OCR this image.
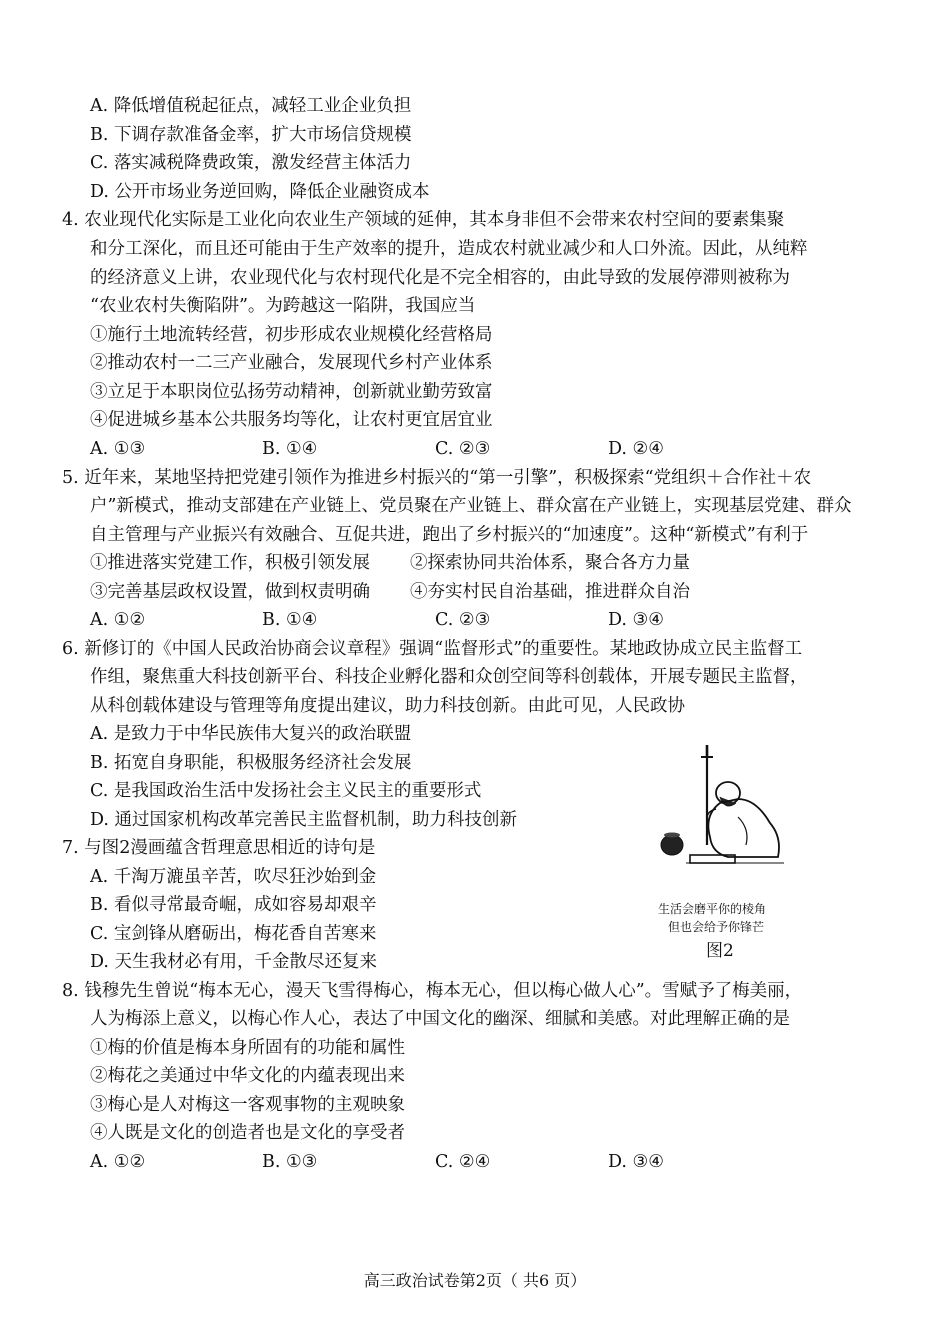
A. 降低增值税起征点，减轻工业企业负担
B. 下调存款准备金率，扩大市场信贷规模
C. 落实减税降费政策，激发经营主体活力
D. 公开市场业务逆回购，降低企业融资成本
4. 农业现代化实际是工业化向农业生产领域的延伸，其本身非但不会带来农村空间的要素集聚
和分工深化，而且还可能由于生产效率的提升，造成农村就业减少和人口外流。因此，从纯粹
的经济意义上讲，农业现代化与农村现代化是不完全相容的，由此导致的发展停滞则被称为
“农业农村失衡陷阱”。为跨越这一陷阱，我国应当
①施行土地流转经营，初步形成农业规模化经营格局
②推动农村一二三产业融合，发展现代乡村产业体系
③立足于本职岗位弘扬劳动精神，创新就业勤劳致富
④促进城乡基本公共服务均等化，让农村更宜居宜业
A. ①③	B. ①④	C. ②③	D. ②④
5. 近年来，某地坚持把党建引领作为推进乡村振兴的“第一引擎”，积极探索“党组织＋合作社＋农
户”新模式，推动支部建在产业链上、党员聚在产业链上、群众富在产业链上，实现基层党建、群众
自主管理与产业振兴有效融合、互促共进，跑出了乡村振兴的“加速度”。这种“新模式”有利于
①推进落实党建工作，积极引领发展 ②探索协同共治体系，聚合各方力量
③完善基层政权设置，做到权责明确 ④夯实村民自治基础，推进群众自治
A. ①②	B. ①④	C. ②③	D. ③④
6. 新修订的《中国人民政治协商会议章程》强调“监督形式”的重要性。某地政协成立民主监督工
作组，聚焦重大科技创新平台、科技企业孵化器和众创空间等科创载体，开展专题民主监督，
从科创载体建设与管理等角度提出建议，助力科技创新。由此可见，人民政协
A. 是致力于中华民族伟大复兴的政治联盟
B. 拓宽自身职能，积极服务经济社会发展
C. 是我国政治生活中发扬社会主义民主的重要形式
D. 通过国家机构改革完善民主监督机制，助力科技创新
7. 与图2漫画蕴含哲理意思相近的诗句是
A. 千淘万漉虽辛苦，吹尽狂沙始到金
B. 看似寻常最奇崛，成如容易却艰辛
C. 宝剑锋从磨砺出，梅花香自苦寒来
D. 天生我材必有用，千金散尽还复来
生活会磨平你的棱角
但也会给予你锋芒
图2
8. 钱穆先生曾说“梅本无心，漫天飞雪得梅心，梅本无心，但以梅心做人心”。雪赋予了梅美丽，
人为梅添上意义，以梅心作人心，表达了中国文化的幽深、细腻和美感。对此理解正确的是
①梅的价值是梅本身所固有的功能和属性
②梅花之美通过中华文化的内蕴表现出来
③梅心是人对梅这一客观事物的主观映象
④人既是文化的创造者也是文化的享受者
A. ①②	B. ①③	C. ②④	D. ③④
高三政治试卷第2页（ 共6 页）
